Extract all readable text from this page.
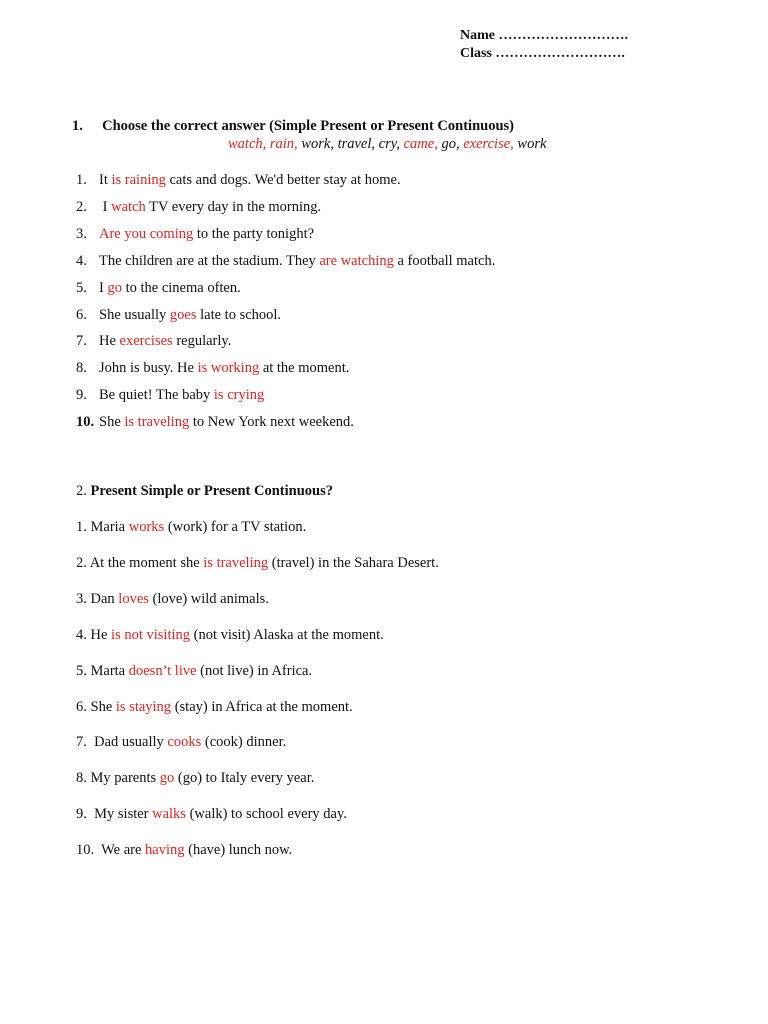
Name ……………………….
Class ……………………….
1. Choose the correct answer (Simple Present or Present Continuous)
watch, rain, work, travel, cry, came, go, exercise, work
1. It is raining cats and dogs. We'd better stay at home.
2. I watch TV every day in the morning.
3. Are you coming to the party tonight?
4. The children are at the stadium. They are watching a football match.
5. I go to the cinema often.
6. She usually goes late to school.
7. He exercises regularly.
8. John is busy. He is working at the moment.
9. Be quiet! The baby is crying
10. She is traveling to New York next weekend.
2. Present Simple or Present Continuous?
1. Maria works (work) for a TV station.
2. At the moment she is traveling (travel) in the Sahara Desert.
3. Dan loves (love) wild animals.
4. He is not visiting (not visit) Alaska at the moment.
5. Marta doesn’t live (not live) in Africa.
6. She is staying (stay) in Africa at the moment.
7.  Dad usually cooks (cook) dinner.
8. My parents go (go) to Italy every year.
9.  My sister walks (walk) to school every day.
10.  We are having (have) lunch now.
